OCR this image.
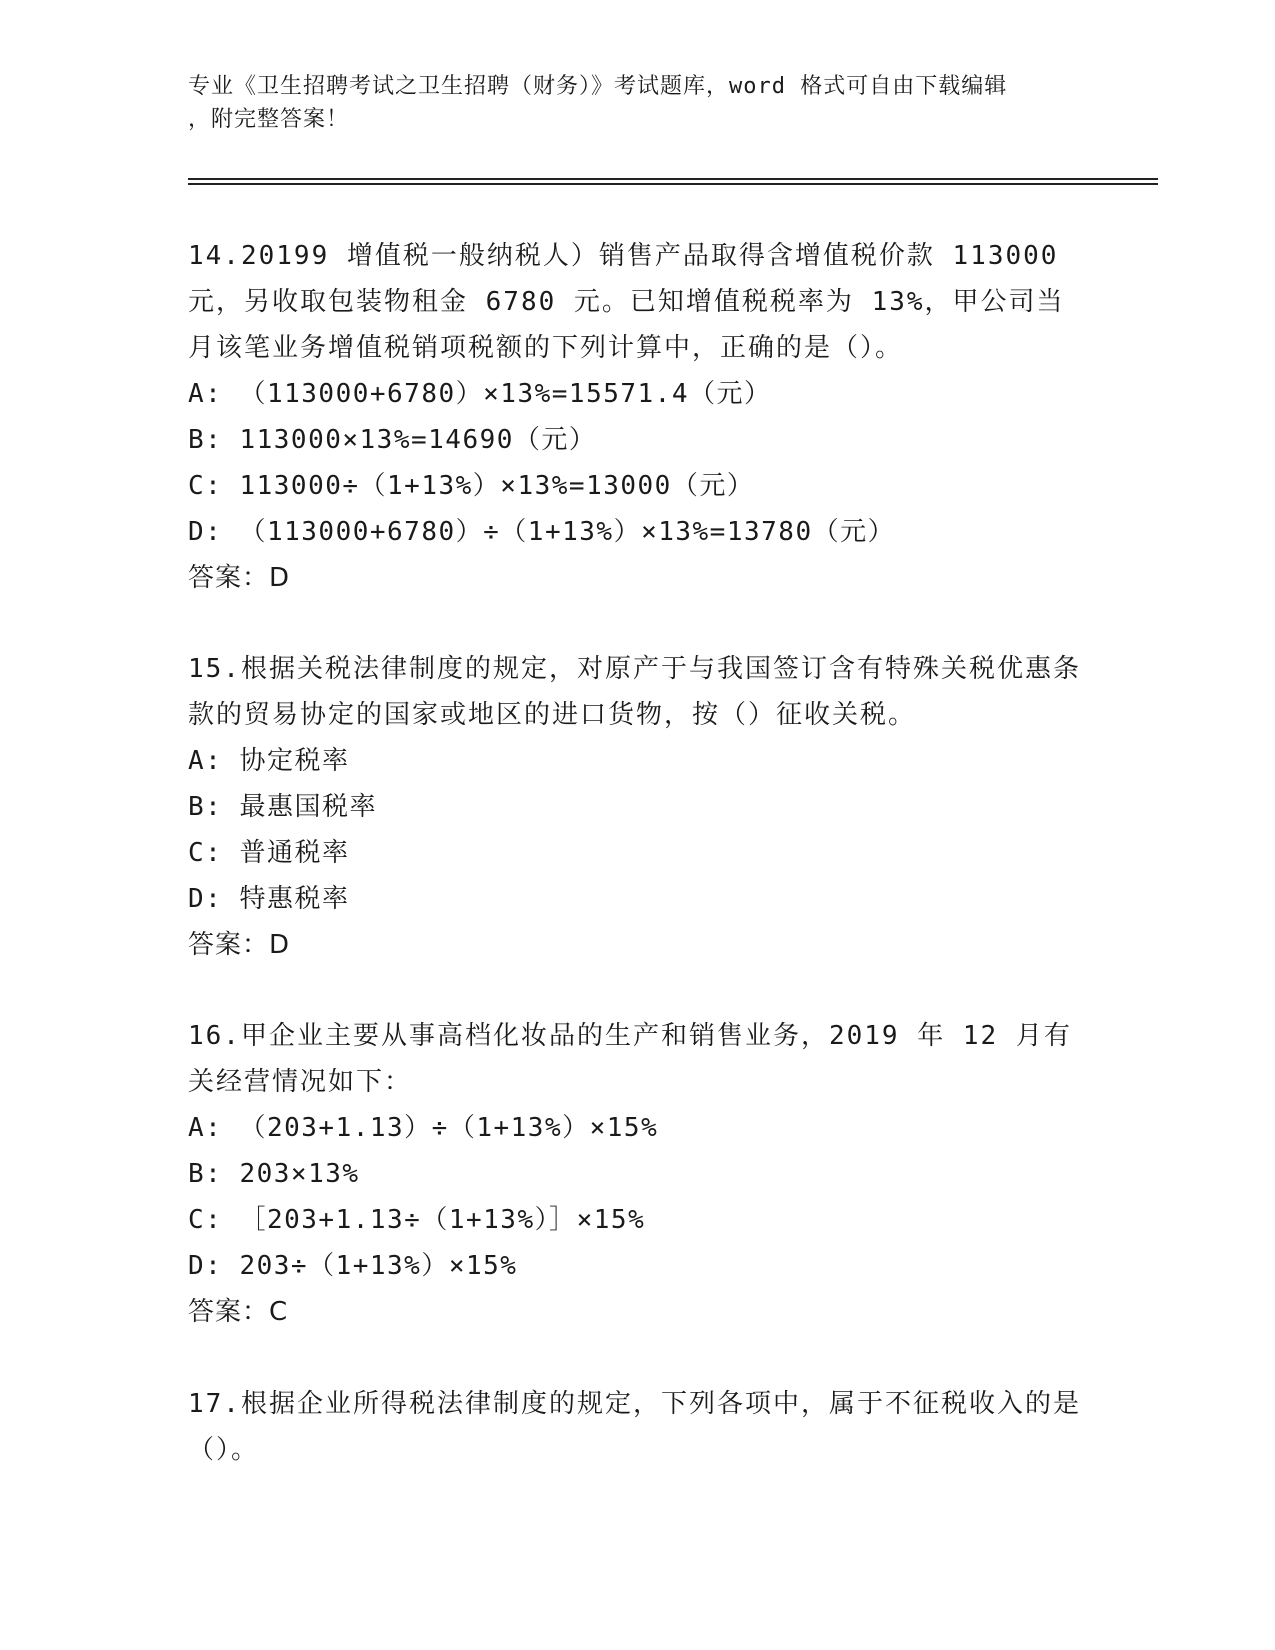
专业《卫生招聘考试之卫生招聘（财务）》考试题库，word 格式可自由下载编辑
，附完整答案！
14.20199 增值税一般纳税人）销售产品取得含增值税价款 113000 元，另收取包装物租金 6780 元。已知增值税税率为 13%，甲公司当月该笔业务增值税销项税额的下列计算中，正确的是（）。
A: （113000+6780）×13%=15571.4（元）
B: 113000×13%=14690（元）
C: 113000÷（1+13%）×13%=13000（元）
D: （113000+6780）÷（1+13%）×13%=13780（元）
答案：D
15.根据关税法律制度的规定，对原产于与我国签订含有特殊关税优惠条款的贸易协定的国家或地区的进口货物，按（）征收关税。
A: 协定税率
B: 最惠国税率
C: 普通税率
D: 特惠税率
答案：D
16.甲企业主要从事高档化妆品的生产和销售业务，2019 年 12 月有关经营情况如下：
A: （203+1.13）÷（1+13%）×15%
B: 203×13%
C: ［203+1.13÷（1+13%）］×15%
D: 203÷（1+13%）×15%
答案：C
17.根据企业所得税法律制度的规定，下列各项中，属于不征税收入的是（）。
